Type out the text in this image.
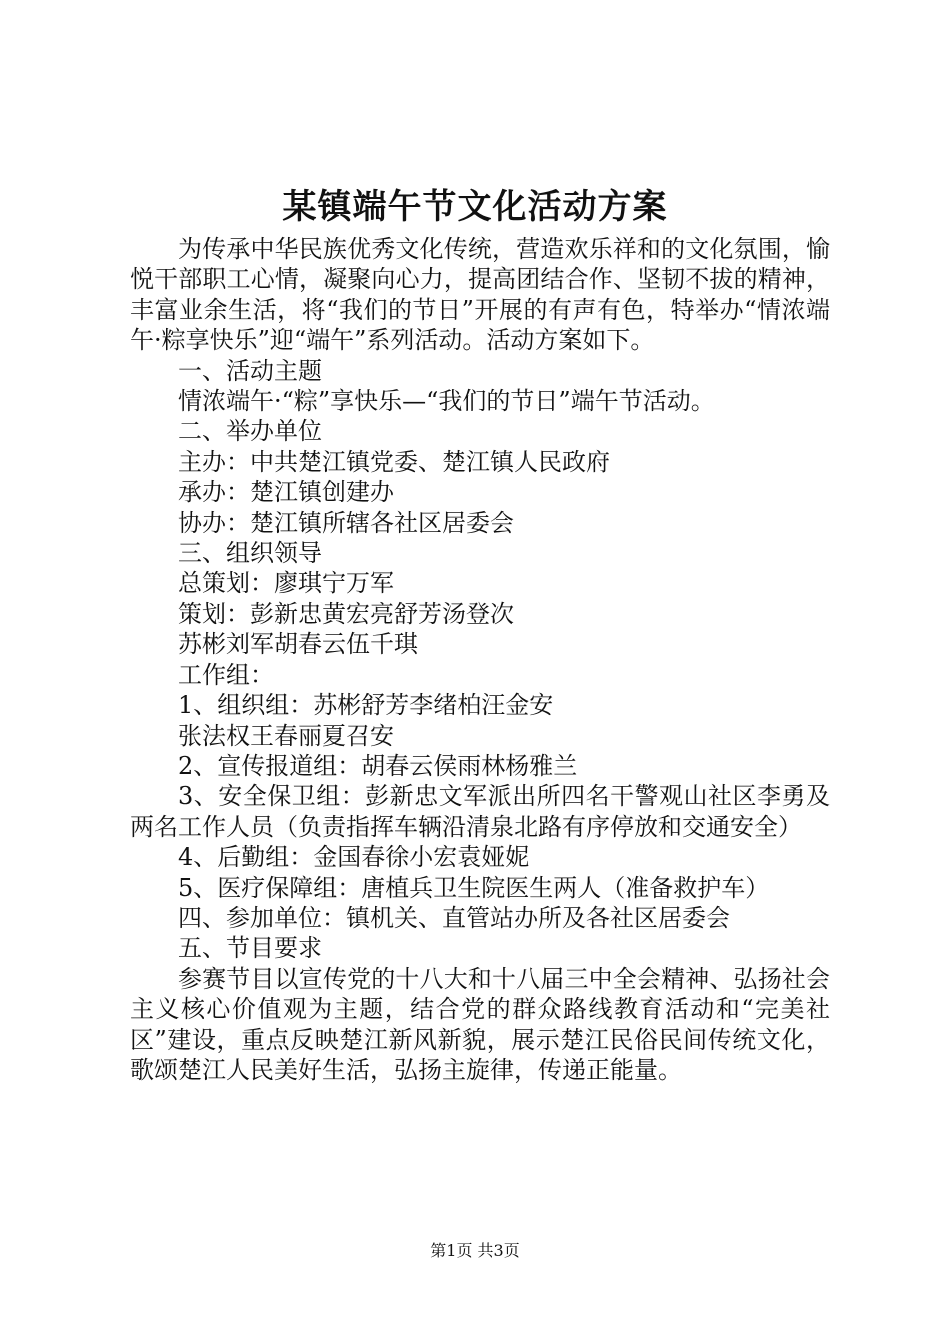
某镇端午节文化活动方案

为传承中华民族优秀文化传统，营造欢乐祥和的文化氛围，愉悦干部职工心情，凝聚向心力，提高团结合作、坚韧不拔的精神，丰富业余生活，将“我们的节日”开展的有声有色，特举办“情浓端午·粽享快乐”迎“端午”系列活动。活动方案如下。

一、活动主题

情浓端午·“粽”享快乐—“我们的节日”端午节活动。

二、举办单位

主办：中共楚江镇党委、楚江镇人民政府

承办：楚江镇创建办

协办：楚江镇所辖各社区居委会

三、组织领导

总策划：廖琪宁万军

策划：彭新忠黄宏亮舒芳汤登次

苏彬刘军胡春云伍千琪

工作组：

1、组织组：苏彬舒芳李绪柏汪金安

张法权王春丽夏召安

2、宣传报道组：胡春云侯雨林杨雅兰

3、安全保卫组：彭新忠文军派出所四名干警观山社区李勇及两名工作人员（负责指挥车辆沿清泉北路有序停放和交通安全）

4、后勤组：金国春徐小宏袁娅妮

5、医疗保障组：唐植兵卫生院医生两人（准备救护车）

四、参加单位：镇机关、直管站办所及各社区居委会

五、节目要求

参赛节目以宣传党的十八大和十八届三中全会精神、弘扬社会主义核心价值观为主题，结合党的群众路线教育活动和“完美社区”建设，重点反映楚江新风新貌，展示楚江民俗民间传统文化，歌颂楚江人民美好生活，弘扬主旋律，传递正能量。

第1页 共3页
